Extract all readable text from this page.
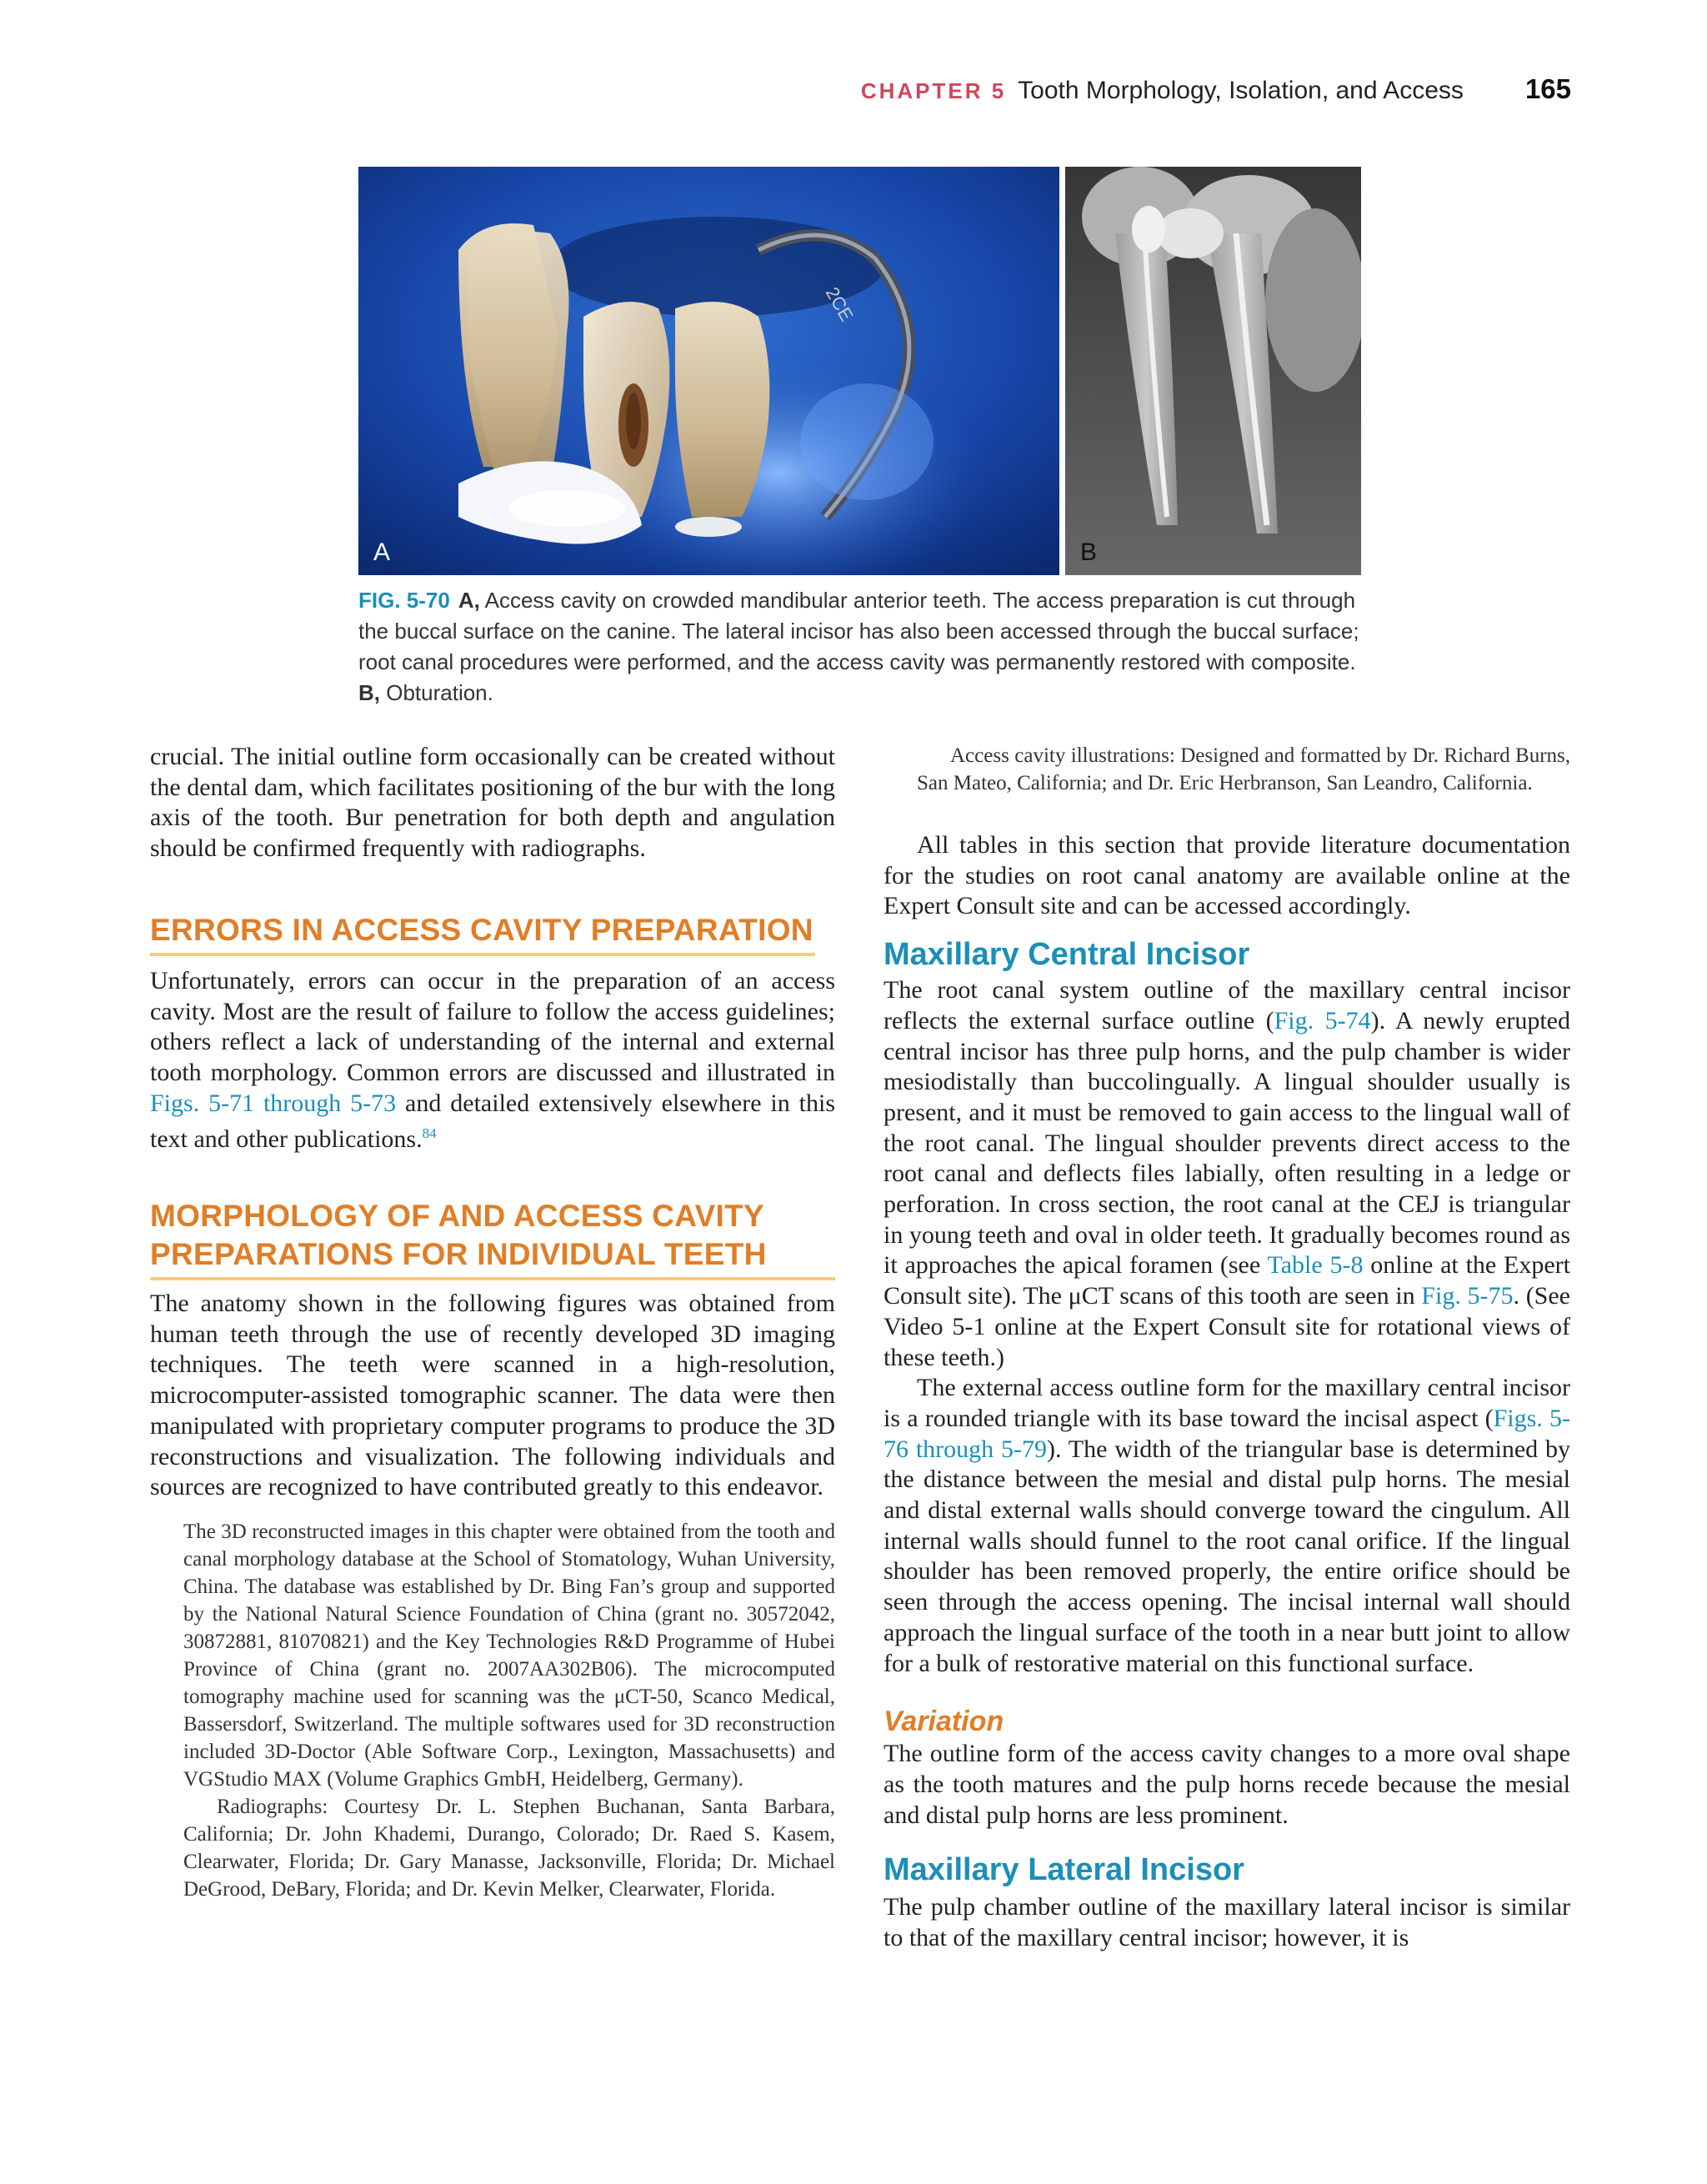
CHAPTER 5 Tooth Morphology, Isolation, and Access 165
2CE
A	B
FIG. 5-70 A, Access cavity on crowded mandibular anterior teeth. The access preparation is cut through the buccal surface on the canine. The lateral incisor has also been accessed through the buccal surface; root canal procedures were performed, and the access cavity was permanently restored with composite. B, Obturation.

crucial. The initial outline form occasionally can be created without the dental dam, which facilitates positioning of the bur with the long axis of the tooth. Bur penetration for both depth and angulation should be confirmed frequently with radiographs.

ERRORS IN ACCESS CAVITY PREPARATION

Unfortunately, errors can occur in the preparation of an access cavity. Most are the result of failure to follow the access guidelines; others reflect a lack of understanding of the internal and external tooth morphology. Common errors are discussed and illustrated in Figs. 5-71 through 5-73 and detailed extensively elsewhere in this text and other publications.$^{84}$

MORPHOLOGY OF AND ACCESS CAVITY PREPARATIONS FOR INDIVIDUAL TEETH

The anatomy shown in the following figures was obtained from human teeth through the use of recently developed 3D imaging techniques. The teeth were scanned in a high-resolution, microcomputer-assisted tomographic scanner. The data were then manipulated with proprietary computer programs to produce the 3D reconstructions and visualization. The following individuals and sources are recognized to have contributed greatly to this endeavor.

The 3D reconstructed images in this chapter were obtained from the tooth and canal morphology database at the School of Stomatology, Wuhan University, China. The database was established by Dr. Bing Fan’s group and supported by the National Natural Science Foundation of China (grant no. 30572042, 30872881, 81070821) and the Key Technologies R&D Programme of Hubei Province of China (grant no. 2007AA302B06). The microcomputed tomography machine used for scanning was the μCT-50, Scanco Medical, Bassersdorf, Switzerland. The multiple softwares used for 3D reconstruction included 3D-Doctor (Able Software Corp., Lexington, Massachusetts) and VGStudio MAX (Volume Graphics GmbH, Heidelberg, Germany).

Radiographs: Courtesy Dr. L. Stephen Buchanan, Santa Barbara, California; Dr. John Khademi, Durango, Colorado; Dr. Raed S. Kasem, Clearwater, Florida; Dr. Gary Manasse, Jacksonville, Florida; Dr. Michael DeGrood, DeBary, Florida; and Dr. Kevin Melker, Clearwater, Florida.

Access cavity illustrations: Designed and formatted by Dr. Richard Burns, San Mateo, California; and Dr. Eric Herbranson, San Leandro, California.

All tables in this section that provide literature documentation for the studies on root canal anatomy are available online at the Expert Consult site and can be accessed accordingly.

Maxillary Central Incisor

The root canal system outline of the maxillary central incisor reflects the external surface outline (Fig. 5-74). A newly erupted central incisor has three pulp horns, and the pulp chamber is wider mesiodistally than buccolingually. A lingual shoulder usually is present, and it must be removed to gain access to the lingual wall of the root canal. The lingual shoulder prevents direct access to the root canal and deflects files labially, often resulting in a ledge or perforation. In cross section, the root canal at the CEJ is triangular in young teeth and oval in older teeth. It gradually becomes round as it approaches the apical foramen (see Table 5-8 online at the Expert Consult site). The μCT scans of this tooth are seen in Fig. 5-75. (See Video 5-1 online at the Expert Consult site for rotational views of these teeth.)

The external access outline form for the maxillary central incisor is a rounded triangle with its base toward the incisal aspect (Figs. 5-76 through 5-79). The width of the triangular base is determined by the distance between the mesial and distal pulp horns. The mesial and distal external walls should converge toward the cingulum. All internal walls should funnel to the root canal orifice. If the lingual shoulder has been removed properly, the entire orifice should be seen through the access opening. The incisal internal wall should approach the lingual surface of the tooth in a near butt joint to allow for a bulk of restorative material on this functional surface.

Variation

The outline form of the access cavity changes to a more oval shape as the tooth matures and the pulp horns recede because the mesial and distal pulp horns are less prominent.

Maxillary Lateral Incisor

The pulp chamber outline of the maxillary lateral incisor is similar to that of the maxillary central incisor; however, it is
